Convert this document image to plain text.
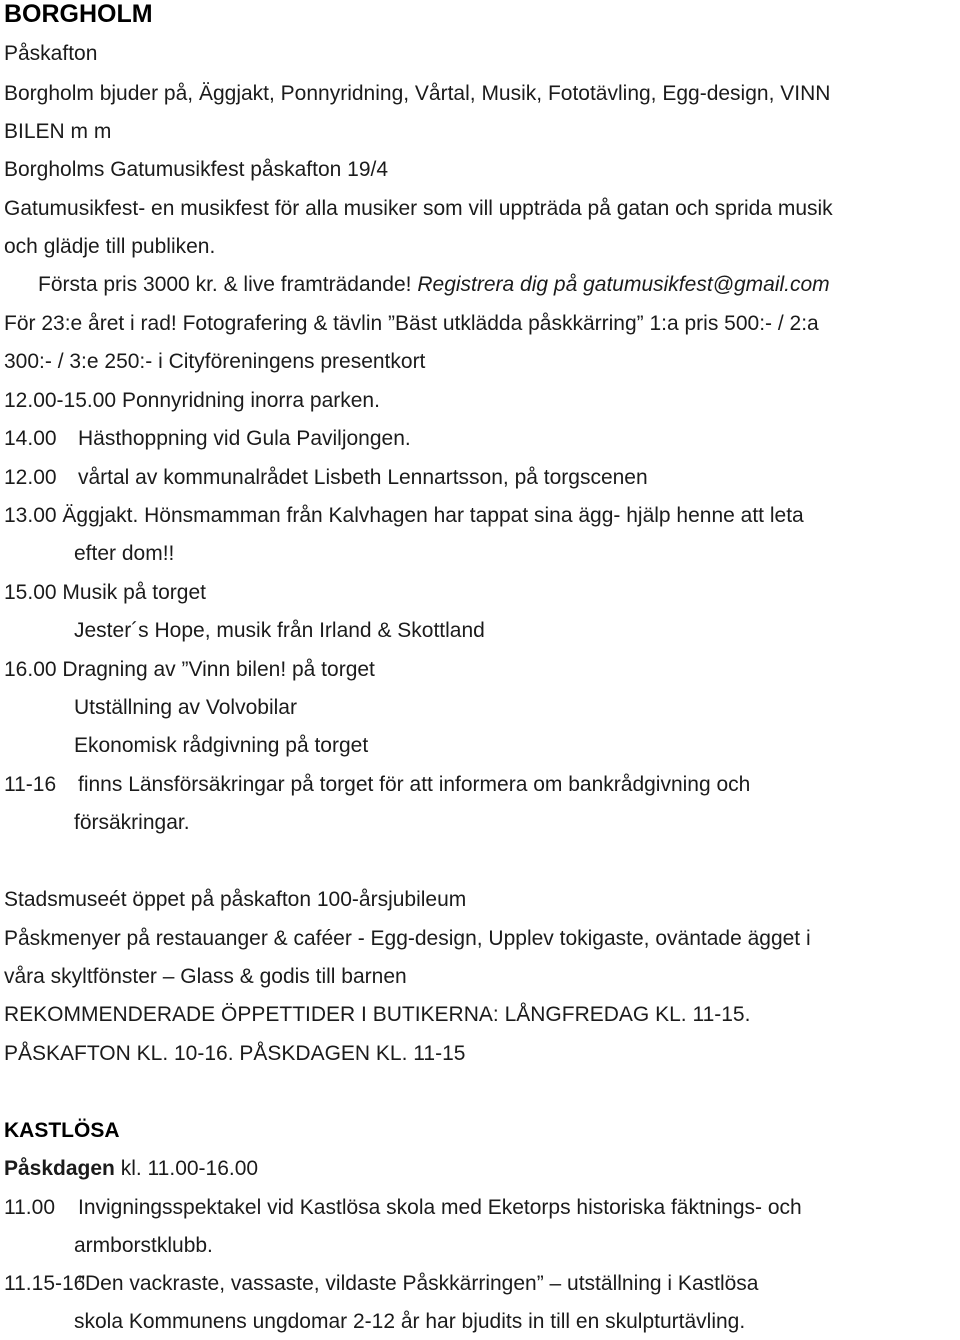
BORGHOLM
Påskafton
Borgholm bjuder på, Äggjakt, Ponnyridning, Vårtal, Musik, Fototävling, Egg-design, VINN
BILEN m m
Borgholms Gatumusikfest påskafton 19/4
Gatumusikfest- en musikfest för alla musiker som vill uppträda på gatan och sprida musik
och glädje till publiken.
Första pris 3000 kr. & live framträdande! Registrera dig på gatumusikfest@gmail.com
För 23:e året i rad! Fotografering & tävlin ”Bäst utklädda påskkärring” 1:a pris 500:- / 2:a
300:- / 3:e 250:- i Cityföreningens presentkort
12.00-15.00 Ponnyridning inorra parken.
14.00 Hästhoppning vid Gula Paviljongen.
12.00 vårtal av kommunalrådet Lisbeth Lennartsson, på torgscenen
13.00 Äggjakt. Hönsmamman från Kalvhagen har tappat sina ägg- hjälp henne att leta
efter dom!!
15.00 Musik på torget
Jester´s Hope, musik från Irland & Skottland
16.00 Dragning av ”Vinn bilen! på torget
Utställning av Volvobilar
Ekonomisk rådgivning på torget
11-16 finns Länsförsäkringar på torget för att informera om bankrådgivning och
försäkringar.
Stadsmuseét öppet på påskafton 100-årsjubileum
Påskmenyer på restauanger & caféer - Egg-design, Upplev tokigaste, oväntade ägget i
våra skyltfönster – Glass & godis till barnen
REKOMMENDERADE ÖPPETTIDER I BUTIKERNA: LÅNGFREDAG KL. 11-15.
PÅSKAFTON KL. 10-16. PÅSKDAGEN KL. 11-15
KASTLÖSA
Påskdagen kl. 11.00-16.00
11.00 Invigningsspektakel vid Kastlösa skola med Eketorps historiska fäktnings- och
armborstklubb.
11.15-16
”Den vackraste, vassaste, vildaste Påskkärringen” – utställning i Kastlösa
skola Kommunens ungdomar 2-12 år har bjudits in till en skulpturtävling.
